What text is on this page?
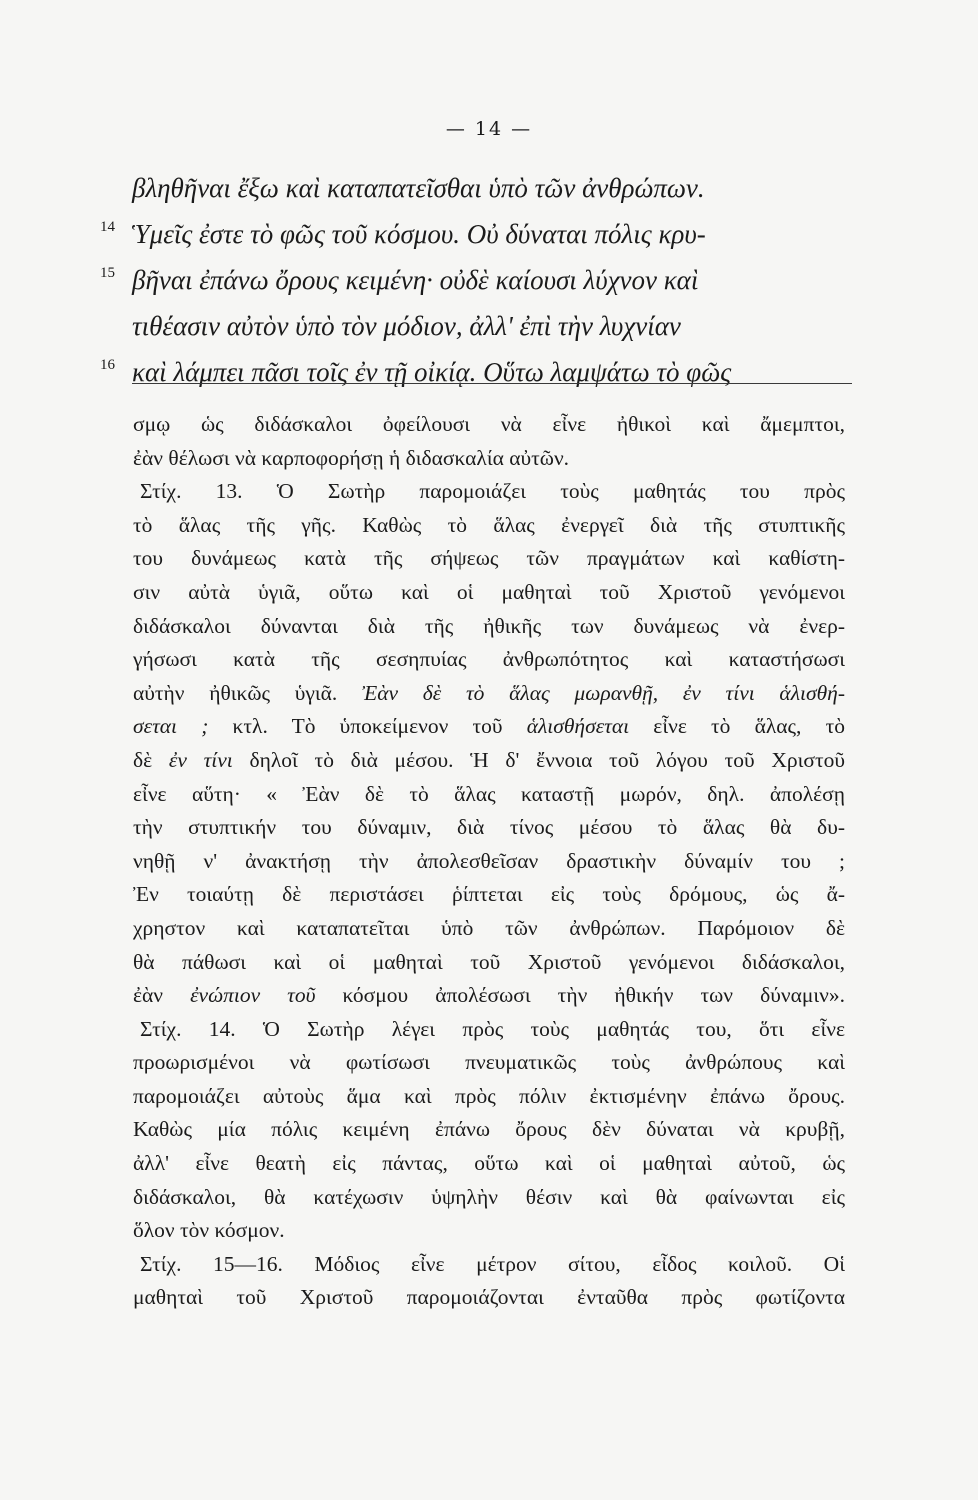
— 14 —
βληθῆναι ἔξω καὶ καταπατεῖσθαι ὑπὸ τῶν ἀνθρώπων.
14 Ὑμεῖς ἐστε τὸ φῶς τοῦ κόσμου. Οὐ δύναται πόλις κρυ-
15 βῆναι ἐπάνω ὄρους κειμένη· οὐδὲ καίουσι λύχνον καὶ
τιθέασιν αὐτὸν ὑπὸ τὸν μόδιον, ἀλλ' ἐπὶ τὴν λυχνίαν
16 καὶ λάμπει πᾶσι τοῖς ἐν τῇ οἰκίᾳ. Οὕτω λαμψάτω τὸ φῶς
σμῳ ὡς διδάσκαλοι ὀφείλουσι νὰ εἶνε ἠθικοὶ καὶ ἄμεμπτοι,
ἐὰν θέλωσι νὰ καρποφορήσῃ ἡ διδασκαλία αὐτῶν.
Στίχ. 13. Ὁ Σωτὴρ παρομοιάζει τοὺς μαθητάς του πρὸς
τὸ ἅλας τῆς γῆς. Καθὼς τὸ ἅλας ἐνεργεῖ διὰ τῆς στυπτικῆς
του δυνάμεως κατὰ τῆς σήψεως τῶν πραγμάτων καὶ καθίστη-
σιν αὐτὰ ὑγιᾶ, οὕτω καὶ οἱ μαθηταὶ τοῦ Χριστοῦ γενόμενοι
διδάσκαλοι δύνανται διὰ τῆς ἠθικῆς των δυνάμεως νὰ ἐνερ-
γήσωσι κατὰ τῆς σεσηπυίας ἀνθρωπότητος καὶ καταστήσωσι
αὐτὴν ἠθικῶς ὑγιᾶ. Ἐὰν δὲ τὸ ἅλας μωρανθῇ, ἐν τίνι ἁλισθή-
σεται ; κτλ. Τὸ ὑποκείμενον τοῦ ἁλισθήσεται εἶνε τὸ ἅλας, τὸ
δὲ ἐν τίνι δηλοῖ τὸ διὰ μέσου. Ἡ δ' ἔννοια τοῦ λόγου τοῦ Χριστοῦ
εἶνε αὕτη· « Ἐὰν δὲ τὸ ἅλας καταστῇ μωρόν, δηλ. ἀπολέσῃ
τὴν στυπτικήν του δύναμιν, διὰ τίνος μέσου τὸ ἅλας θὰ δυ-
νηθῇ ν' ἀνακτήσῃ τὴν ἀπολεσθεῖσαν δραστικὴν δύναμίν του ;
Ἐν τοιαύτῃ δὲ περιστάσει ῥίπτεται εἰς τοὺς δρόμους, ὡς ἄ-
χρηστον καὶ καταπατεῖται ὑπὸ τῶν ἀνθρώπων. Παρόμοιον δὲ
θὰ πάθωσι καὶ οἱ μαθηταὶ τοῦ Χριστοῦ γενόμενοι διδάσκαλοι,
ἐὰν ἐνώπιον τοῦ κόσμου ἀπολέσωσι τὴν ἠθικήν των δύναμιν».
Στίχ. 14. Ὁ Σωτὴρ λέγει πρὸς τοὺς μαθητάς του, ὅτι εἶνε
προωρισμένοι νὰ φωτίσωσι πνευματικῶς τοὺς ἀνθρώπους καὶ
παρομοιάζει αὐτοὺς ἅμα καὶ πρὸς πόλιν ἐκτισμένην ἐπάνω ὄρους.
Καθὼς μία πόλις κειμένη ἐπάνω ὄρους δὲν δύναται νὰ κρυβῇ,
ἀλλ' εἶνε θεατὴ εἰς πάντας, οὕτω καὶ οἱ μαθηταὶ αὐτοῦ, ὡς
διδάσκαλοι, θὰ κατέχωσιν ὑψηλὴν θέσιν καὶ θὰ φαίνωνται εἰς
ὅλον τὸν κόσμον.
Στίχ. 15—16. Μόδιος εἶνε μέτρον σίτου, εἶδος κοιλοῦ. Οἱ
μαθηταὶ τοῦ Χριστοῦ παρομοιάζονται ἐνταῦθα πρὸς φωτίζοντα
